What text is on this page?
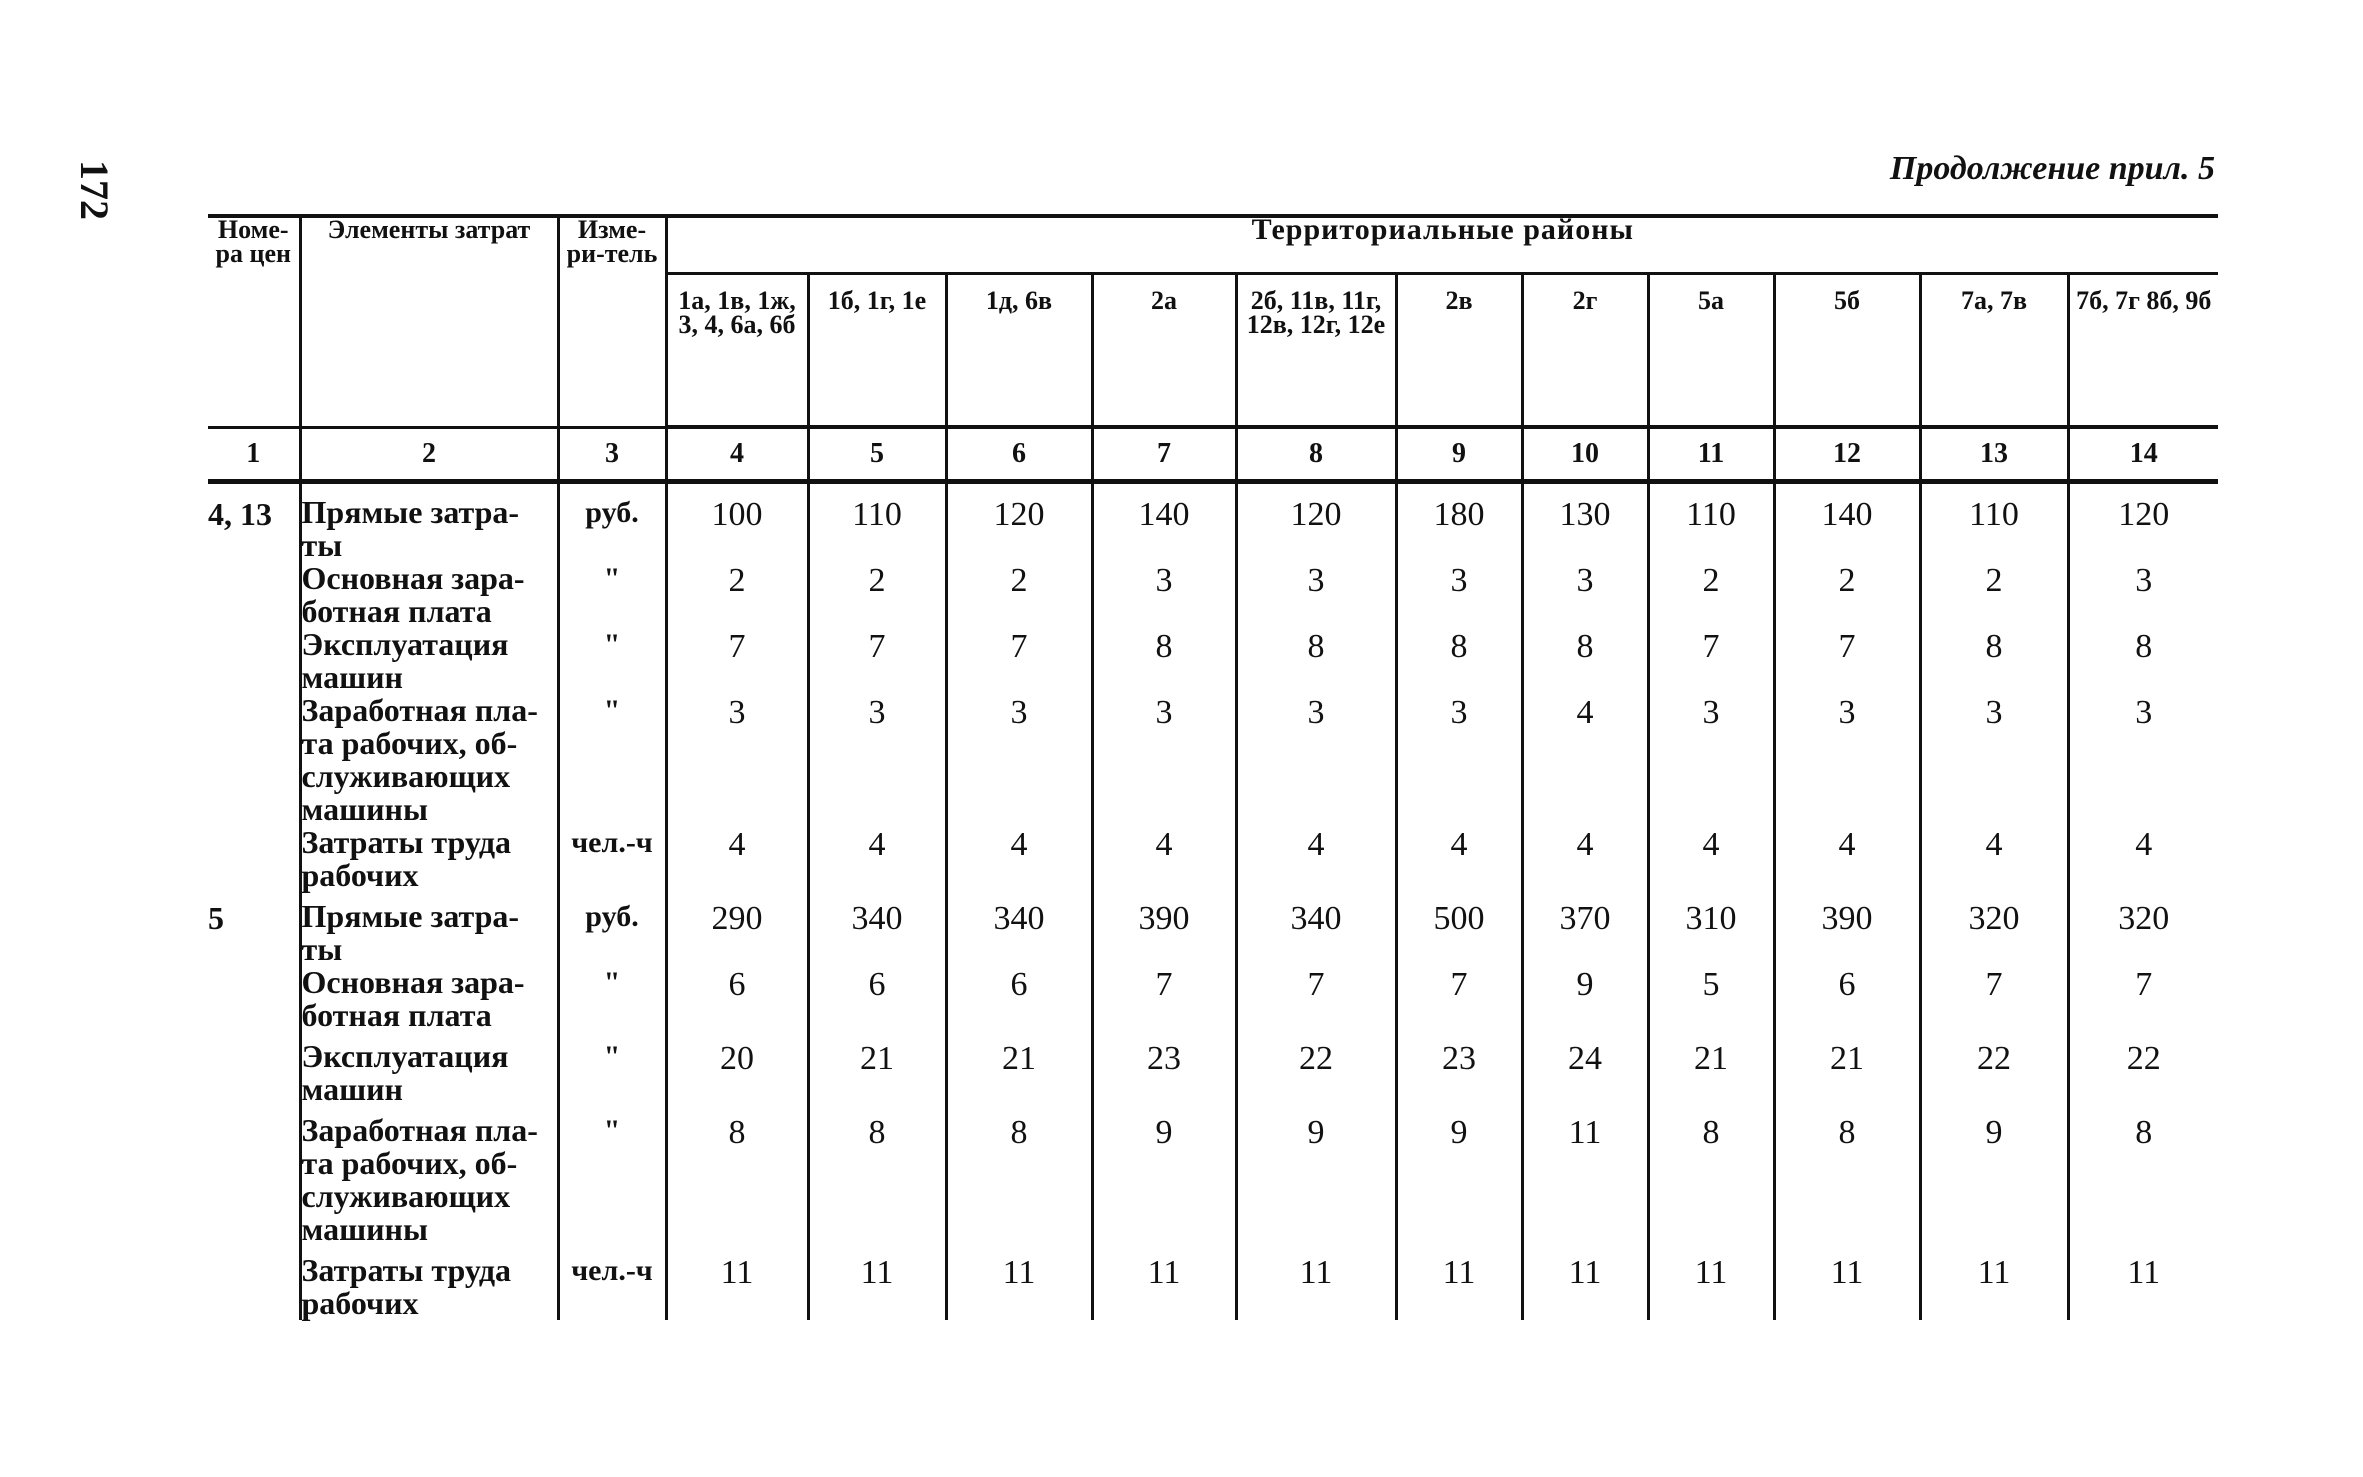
172	Продолжение прил. 5
Номе-ра цен	Элементы затрат	Изме-ри-тель	Территориальные районы										
			1а, 1в, 1ж, 3, 4, 6а, 6б	1б, 1г, 1е	1д, 6в	2а	2б, 11в, 11г, 12в, 12г, 12е	2в	2г	5а	5б	7а, 7в	7б, 7г 8б, 9б
1	2	3	4	5	6	7	8	9	10	11	12	13	14
4, 13	Прямые затра-ты	руб.	100	110	120	140	120	180	130	110	140	110	120
	Основная зара-ботная плата	"	2	2	2	3	3	3	3	2	2	2	3
	Эксплуатация машин	"	7	7	7	8	8	8	8	7	7	8	8
	Заработная пла-та рабочих, об-служивающих машины	"	3	3	3	3	3	3	4	3	3	3	3
	Затраты труда рабочих	чел.-ч	4	4	4	4	4	4	4	4	4	4	4
5	Прямые затра-ты	руб.	290	340	340	390	340	500	370	310	390	320	320
	Основная зара-ботная плата	"	6	6	6	7	7	7	9	5	6	7	7
	Эксплуатация машин	"	20	21	21	23	22	23	24	21	21	22	22
	Заработная пла-та рабочих, об-служивающих машины	"	8	8	8	9	9	9	11	8	8	9	8
	Затраты труда рабочих	чел.-ч	11	11	11	11	11	11	11	11	11	11	11
